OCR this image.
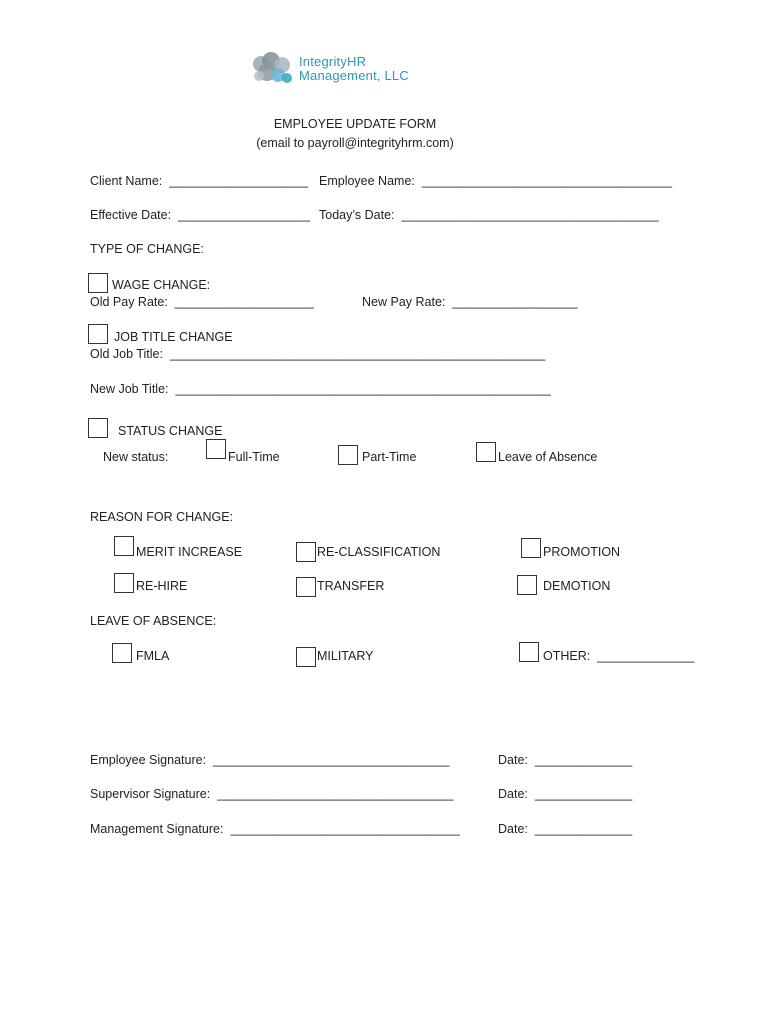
IntegrityHR
Management, LLC
EMPLOYEE UPDATE FORM
(email to payroll@integrityhrm.com)
Client Name:  ____________________ Employee Name:  ____________________________________
Effective Date:  ___________________ Today’s Date:  _____________________________________
TYPE OF CHANGE:
WAGE CHANGE:
Old Pay Rate:  ____________________	New Pay Rate:  __________________
JOB TITLE CHANGE
Old Job Title:  ______________________________________________________
New Job Title:  ______________________________________________________
STATUS CHANGE
New status:	Full-Time	Part-Time	Leave of Absence
REASON FOR CHANGE:
MERIT INCREASE	RE-CLASSIFICATION	PROMOTION
RE-HIRE	TRANSFER	DEMOTION
LEAVE OF ABSENCE:
FMLA	MILITARY	OTHER:  ______________
Employee Signature:  __________________________________	Date:  ______________
Supervisor Signature:  __________________________________	Date:  ______________
Management Signature:  _________________________________	Date:  ______________
